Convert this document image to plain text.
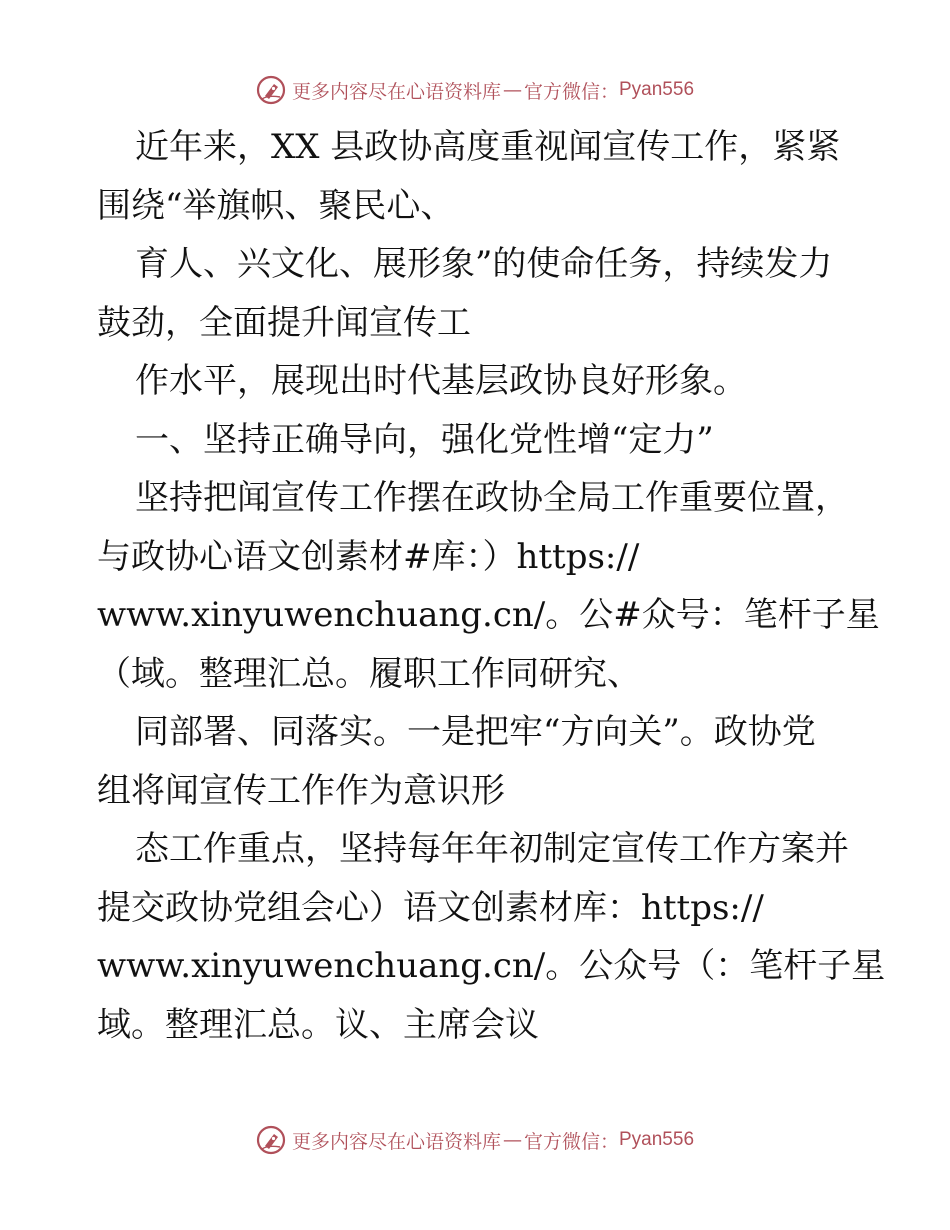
更多内容尽在心语资料库 — 官方微信： Pyan556
近年来，XX 县政协高度重视闻宣传工作，紧紧
围绕“举旗帜、聚民心、
育人、兴文化、展形象”的使命任务，持续发力
鼓劲，全面提升闻宣传工
作水平，展现出时代基层政协良好形象。
一、坚持正确导向，强化党性增“定力”
坚持把闻宣传工作摆在政协全局工作重要位置，
与政协心语文创素材#库：）https://
www.xinyuwenchuang.cn/。公#众号：笔杆子星
（域。整理汇总。履职工作同研究、
同部署、同落实。一是把牢“方向关”。政协党
组将闻宣传工作作为意识形
态工作重点，坚持每年年初制定宣传工作方案并
提交政协党组会心）语文创素材库：https://
www.xinyuwenchuang.cn/。公众号（：笔杆子星
域。整理汇总。议、主席会议
更多内容尽在心语资料库 — 官方微信： Pyan556
